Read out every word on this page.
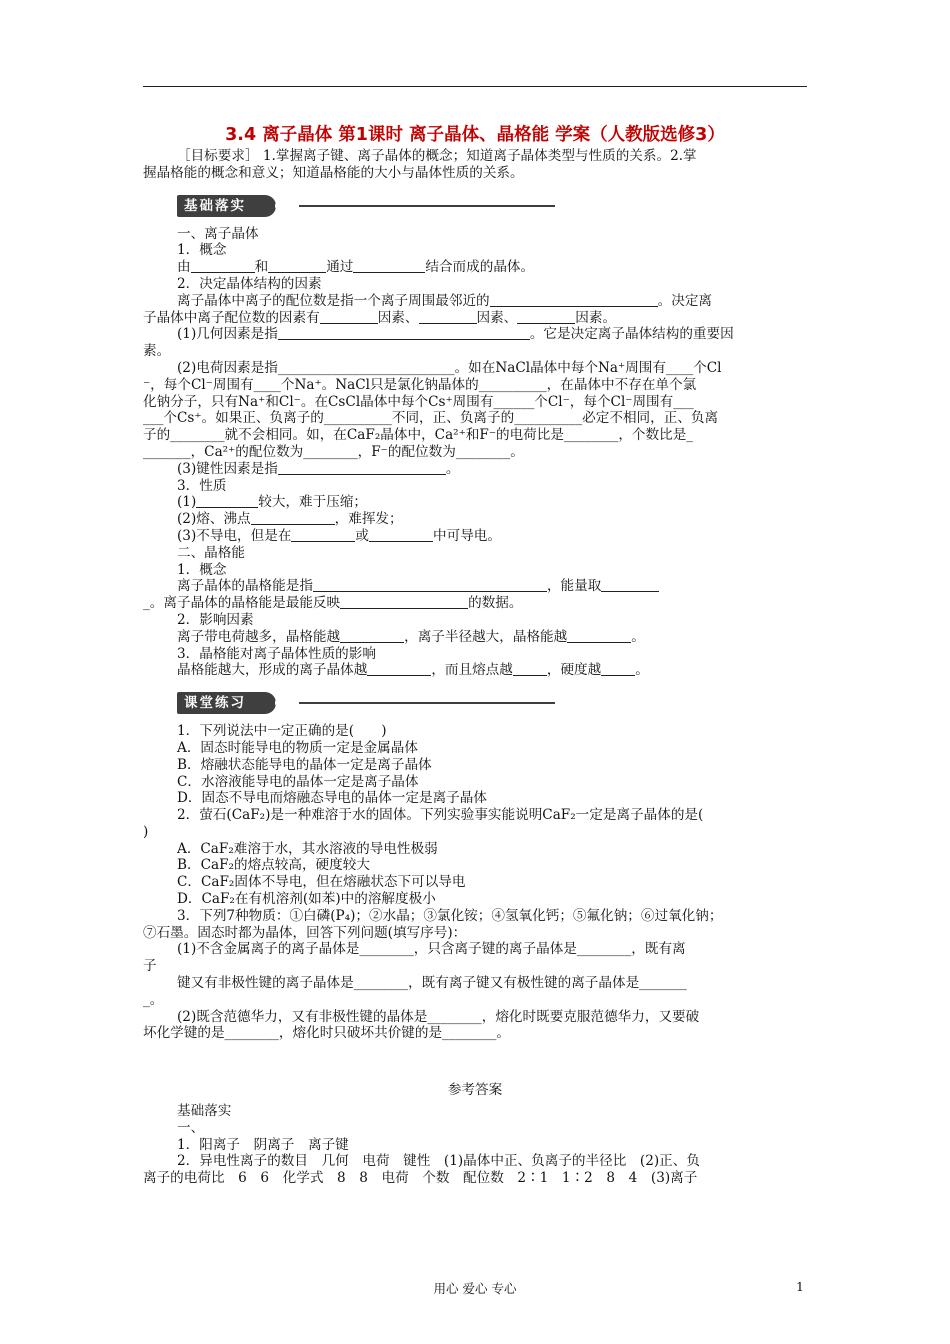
3.4 离子晶体 第1课时 离子晶体、晶格能 学案（人教版选修3）

［目标要求］ 1.掌握离子键、离子晶体的概念；知道离子晶体类型与性质的关系。2.掌

握晶格能的概念和意义；知道晶格能的大小与晶体性质的关系。

基础落实

一、离子晶体

1．概念

由	和	通过	结合而成的晶体。

2．决定晶体结构的因素

离子晶体中离子的配位数是指一个离子周围最邻近的	。决定离

子晶体中离子配位数的因素有	因素、	因素、	因素。

(1)几何因素是指	。它是决定离子晶体结构的重要因

素。

(2)电荷因素是指__________________________。如在NaCl晶体中每个Na⁺周围有____个Cl

⁻，每个Cl⁻周围有____个Na⁺。NaCl只是氯化钠晶体的__________，在晶体中不存在单个氯

化钠分子，只有Na⁺和Cl⁻。在CsCl晶体中每个Cs⁺周围有______个Cl⁻，每个Cl⁻周围有___

___个Cs⁺。如果正、负离子的__________不同，正、负离子的__________必定不相同，正、负离

子的________就不会相同。如，在CaF₂晶体中，Ca²⁺和F⁻的电荷比是________，个数比是_

_______，Ca²⁺的配位数为________，F⁻的配位数为________。

(3)键性因素是指	。

3．性质

(1)	较大，难于压缩；

(2)熔、沸点	，难挥发；

(3)不导电，但是在	或	中可导电。

二、晶格能

1．概念

离子晶体的晶格能是指	，能量取

_。离子晶体的晶格能是最能反映	的数据。

2．影响因素

离子带电荷越多，晶格能越	，离子半径越大，晶格能越	。

3．晶格能对离子晶体性质的影响

晶格能越大，形成的离子晶体越	，而且熔点越	，硬度越	。

课堂练习

1．下列说法中一定正确的是(　　)

A．固态时能导电的物质一定是金属晶体

B．熔融状态能导电的晶体一定是离子晶体

C．水溶液能导电的晶体一定是离子晶体

D．固态不导电而熔融态导电的晶体一定是离子晶体

2．萤石(CaF₂)是一种难溶于水的固体。下列实验事实能说明CaF₂一定是离子晶体的是(

)

A．CaF₂难溶于水，其水溶液的导电性极弱

B．CaF₂的熔点较高，硬度较大

C．CaF₂固体不导电，但在熔融状态下可以导电

D．CaF₂在有机溶剂(如苯)中的溶解度极小

3．下列7种物质：①白磷(P₄)；②水晶；③氯化铵；④氢氧化钙；⑤氟化钠；⑥过氧化钠；

⑦石墨。固态时都为晶体，回答下列问题(填写序号)：

(1)不含金属离子的离子晶体是________，只含离子键的离子晶体是________，既有离

子

键又有非极性键的离子晶体是________，既有离子键又有极性键的离子晶体是_______

_。

(2)既含范德华力，又有非极性键的晶体是________，熔化时既要克服范德华力，又要破

坏化学键的是________，熔化时只破坏共价键的是________。

参考答案

基础落实

一、

1．阳离子　阴离子　离子键

2．异电性离子的数目　几何　电荷　键性　(1)晶体中正、负离子的半径比　(2)正、负

离子的电荷比　6　6　化学式　8　8　电荷　个数　配位数　2∶1　1∶2　8　4　(3)离子

用心 爱心 专心	1
